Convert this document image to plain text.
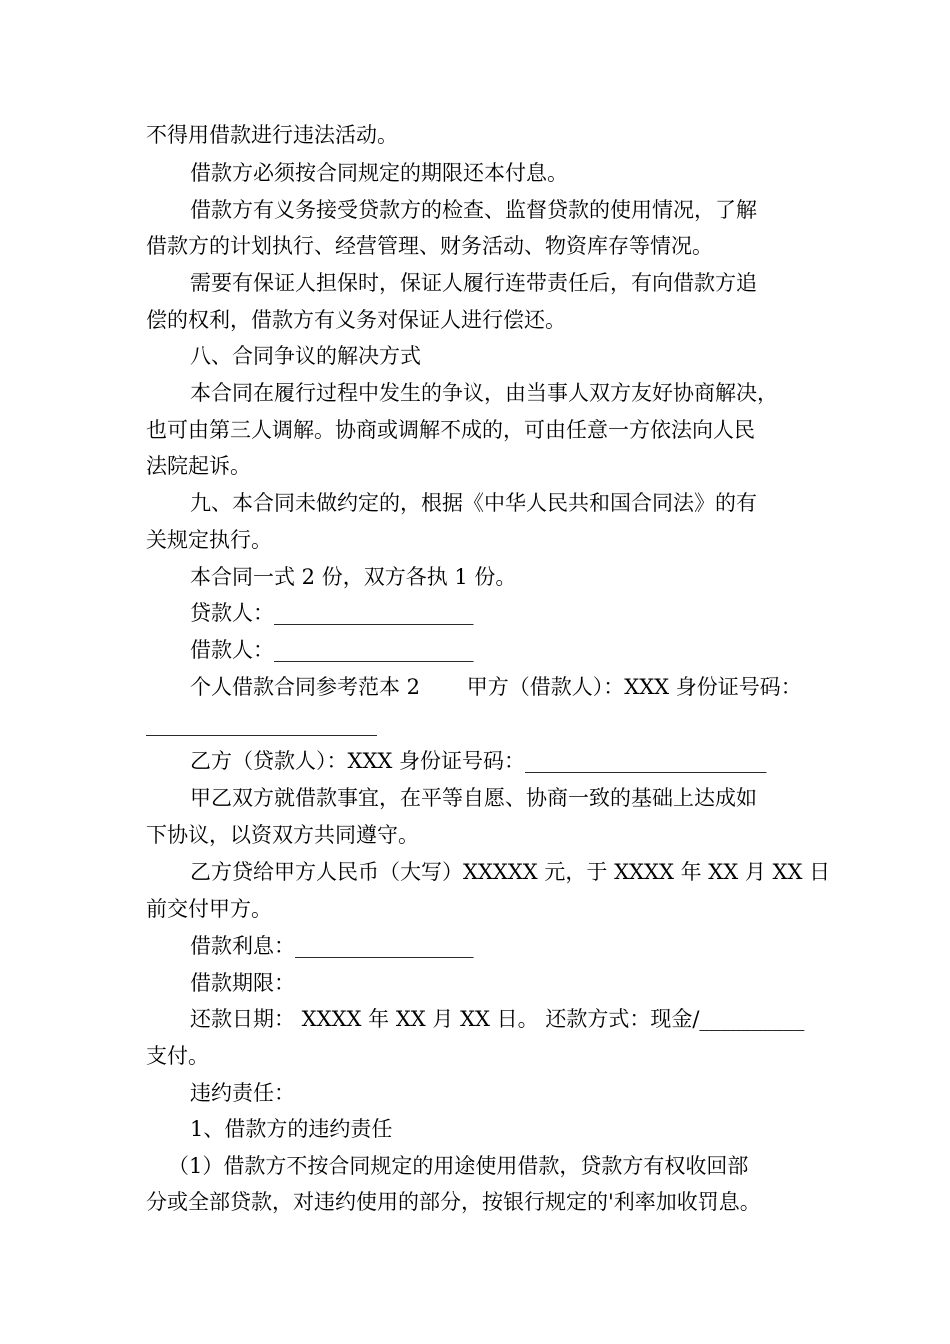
不得用借款进行违法活动。
借款方必须按合同规定的期限还本付息。
借款方有义务接受贷款方的检查、监督贷款的使用情况，了解
借款方的计划执行、经营管理、财务活动、物资库存等情况。
需要有保证人担保时，保证人履行连带责任后，有向借款方追
偿的权利，借款方有义务对保证人进行偿还。
八、合同争议的解决方式
本合同在履行过程中发生的争议，由当事人双方友好协商解决，
也可由第三人调解。协商或调解不成的，可由任意一方依法向人民
法院起诉。
九、本合同未做约定的，根据《中华人民共和国合同法》的有
关规定执行。
本合同一式 2 份，双方各执 1 份。
贷款人：___________________
借款人：___________________
个人借款合同参考范本 2       甲方（借款人）：XXX 身份证号码：
______________________
乙方（贷款人）：XXX 身份证号码：_______________________
甲乙双方就借款事宜，在平等自愿、协商一致的基础上达成如
下协议，以资双方共同遵守。
乙方贷给甲方人民币（大写）XXXXX 元，于 XXXX 年 XX 月 XX 日
前交付甲方。
借款利息：_________________
借款期限：
还款日期： XXXX 年 XX 月 XX 日。 还款方式：现金/__________
支付。
违约责任：
1、借款方的违约责任
（1）借款方不按合同规定的用途使用借款，贷款方有权收回部
分或全部贷款，对违约使用的部分，按银行规定的'利率加收罚息。
